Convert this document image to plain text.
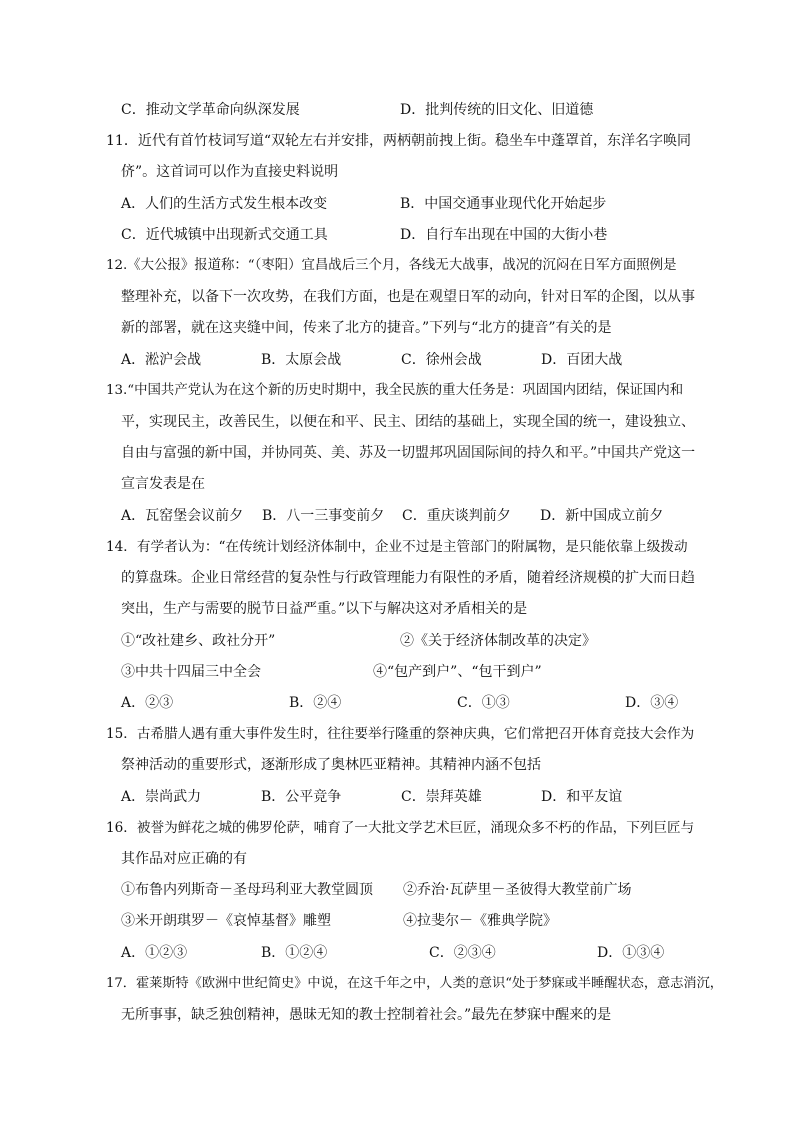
C．推动文学革命向纵深发展	D．批判传统的旧文化、旧道德
11．近代有首竹枝词写道“双轮左右并安排，两柄朝前拽上街。稳坐车中蓬罩首，东洋名字唤同
侪”。这首词可以作为直接史料说明
A．人们的生活方式发生根本改变	B．中国交通事业现代化开始起步
C．近代城镇中出现新式交通工具	D．自行车出现在中国的大街小巷
12.《大公报》报道称：“（枣阳）宜昌战后三个月，各线无大战事，战况的沉闷在日军方面照例是
整理补充，以备下一次攻势，在我们方面，也是在观望日军的动向，针对日军的企图，以从事
新的部署，就在这夹缝中间，传来了北方的捷音。”下列与“北方的捷音”有关的是
A．淞沪会战	B．太原会战	C．徐州会战	D．百团大战
13.“中国共产党认为在这个新的历史时期中，我全民族的重大任务是：巩固国内团结，保证国内和
平，实现民主，改善民生，以便在和平、民主、团结的基础上，实现全国的统一，建设独立、
自由与富强的新中国，并协同英、美、苏及一切盟邦巩固国际间的持久和平。”中国共产党这一
宣言发表是在
A．瓦窑堡会议前夕 B．八一三事变前夕 C．重庆谈判前夕 D．新中国成立前夕
14．有学者认为：“在传统计划经济体制中，企业不过是主管部门的附属物，是只能依靠上级拨动
的算盘珠。企业日常经营的复杂性与行政管理能力有限性的矛盾，随着经济规模的扩大而日趋
突出，生产与需要的脱节日益严重。”以下与解决这对矛盾相关的是
①“改社建乡、政社分开”	②《关于经济体制改革的决定》
③中共十四届三中全会	④“包产到户”、“包干到户”
A．②③	B．②④	C．①③	D．③④
15．古希腊人遇有重大事件发生时，往往要举行隆重的祭神庆典，它们常把召开体育竞技大会作为
祭神活动的重要形式，逐渐形成了奥林匹亚精神。其精神内涵不包括
A．崇尚武力	B．公平竞争	C．崇拜英雄	D．和平友谊
16．被誉为鲜花之城的佛罗伦萨，哺育了一大批文学艺术巨匠，涌现众多不朽的作品，下列巨匠与
其作品对应正确的有
①布鲁内列斯奇－圣母玛利亚大教堂圆顶 ②乔治·瓦萨里－圣彼得大教堂前广场
③米开朗琪罗－《哀悼基督》雕塑	④拉斐尔－《雅典学院》
A．①②③	B．①②④	C．②③④	D．①③④
17．霍莱斯特《欧洲中世纪简史》中说，在这千年之中，人类的意识“处于梦寐或半睡醒状态，意志消沉，
无所事事，缺乏独创精神，愚昧无知的教士控制着社会。”最先在梦寐中醒来的是
